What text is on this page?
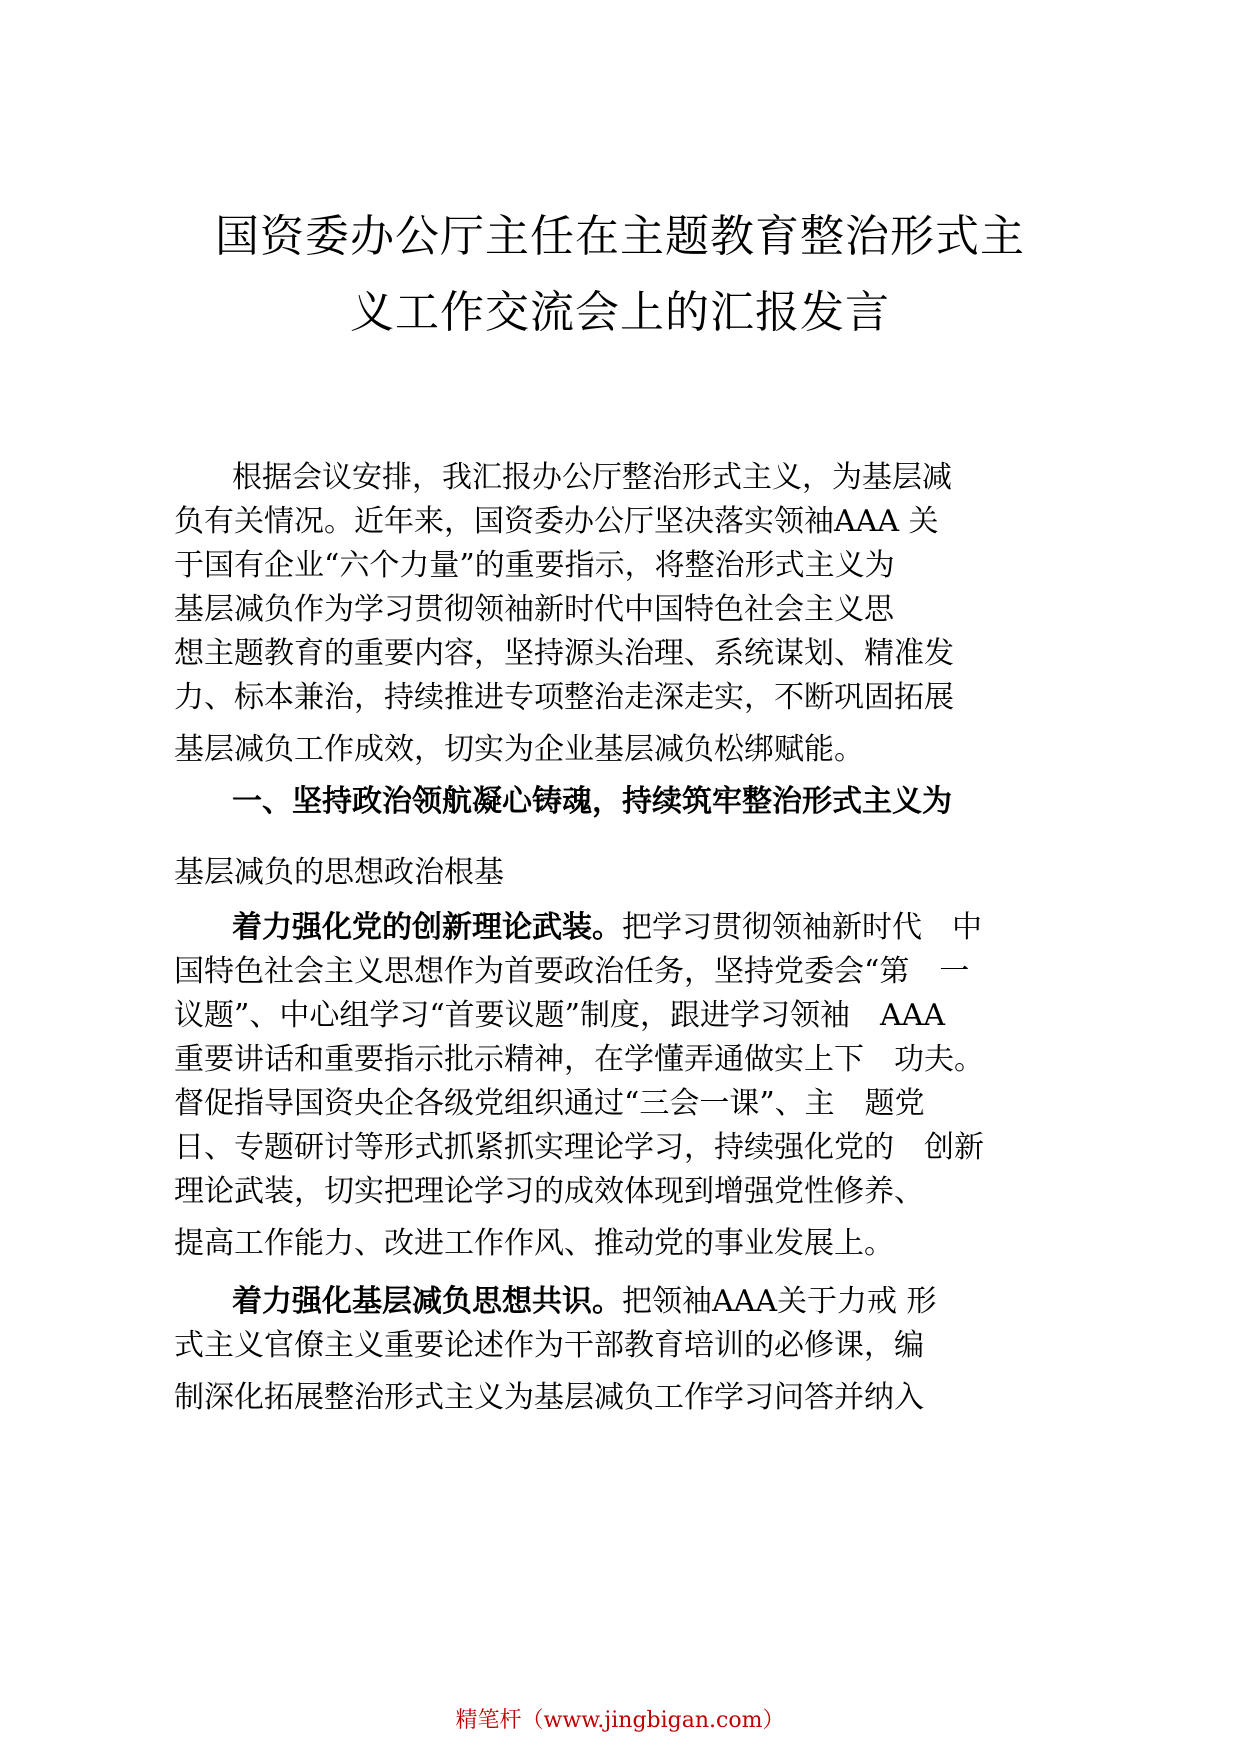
国资委办公厅主任在主题教育整治形式主
义工作交流会上的汇报发言
根据会议安排，我汇报办公厅整治形式主义，为基层减
负有关情况。近年来，国资委办公厅坚决落实领袖AAA 关
于国有企业“六个力量”的重要指示，将整治形式主义为
基层减负作为学习贯彻领袖新时代中国特色社会主义思
想主题教育的重要内容，坚持源头治理、系统谋划、精准发
力、标本兼治，持续推进专项整治走深走实，不断巩固拓展
基层减负工作成效，切实为企业基层减负松绑赋能。
一、坚持政治领航凝心铸魂，持续筑牢整治形式主义为
基层减负的思想政治根基
着力强化党的创新理论武装。把学习贯彻领袖新时代　中
国特色社会主义思想作为首要政治任务，坚持党委会“第　一
议题”、中心组学习“首要议题”制度，跟进学习领袖　AAA
重要讲话和重要指示批示精神，在学懂弄通做实上下　功夫。
督促指导国资央企各级党组织通过“三会一课”、主　题党
日、专题研讨等形式抓紧抓实理论学习，持续强化党的　创新
理论武装，切实把理论学习的成效体现到增强党性修养、
提高工作能力、改进工作作风、推动党的事业发展上。
着力强化基层减负思想共识。把领袖AAA关于力戒 形
式主义官僚主义重要论述作为干部教育培训的必修课，编
制深化拓展整治形式主义为基层减负工作学习问答并纳入
精笔杆（www.jingbigan.com）
